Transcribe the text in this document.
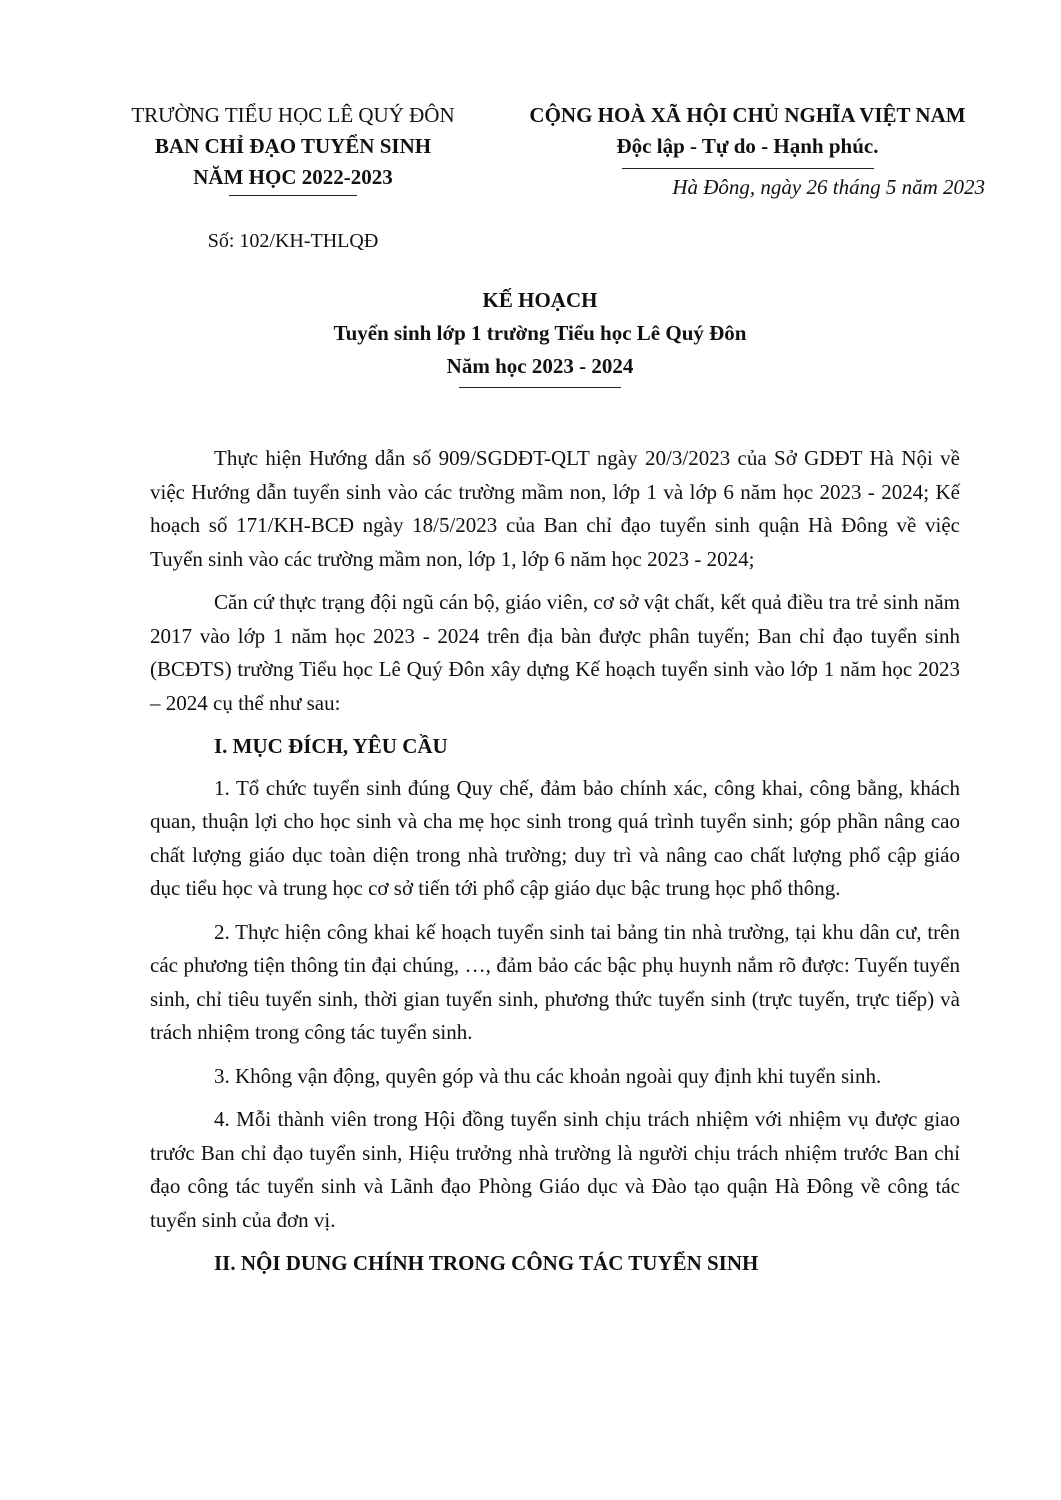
TRƯỜNG TIỂU HỌC LÊ QUÝ ĐÔN
BAN CHỈ ĐẠO TUYỂN SINH
NĂM HỌC 2022-2023
Số: 102/KH-THLQĐ
CỘNG HOÀ XÃ HỘI CHỦ NGHĨA VIỆT NAM
Độc lập - Tự do - Hạnh phúc.
Hà Đông, ngày 26 tháng 5 năm 2023
KẾ HOẠCH
Tuyển sinh lớp 1 trường Tiểu học Lê Quý Đôn
Năm học 2023 - 2024

Thực hiện Hướng dẫn số 909/SGDĐT-QLT ngày 20/3/2023 của Sở GDĐT Hà Nội về việc Hướng dẫn tuyển sinh vào các trường mầm non, lớp 1 và lớp 6 năm học 2023 - 2024; Kế hoạch số 171/KH-BCĐ ngày 18/5/2023 của Ban chỉ đạo tuyển sinh quận Hà Đông về việc Tuyển sinh vào các trường mầm non, lớp 1, lớp 6 năm học 2023 - 2024;

Căn cứ thực trạng đội ngũ cán bộ, giáo viên, cơ sở vật chất, kết quả điều tra trẻ sinh năm 2017 vào lớp 1 năm học 2023 - 2024 trên địa bàn được phân tuyến; Ban chỉ đạo tuyển sinh (BCĐTS) trường Tiểu học Lê Quý Đôn xây dựng Kế hoạch tuyển sinh vào lớp 1 năm học 2023 – 2024 cụ thể như sau:

I. MỤC ĐÍCH, YÊU CẦU

1. Tổ chức tuyển sinh đúng Quy chế, đảm bảo chính xác, công khai, công bằng, khách quan, thuận lợi cho học sinh và cha mẹ học sinh trong quá trình tuyển sinh; góp phần nâng cao chất lượng giáo dục toàn diện trong nhà trường; duy trì và nâng cao chất lượng phổ cập giáo dục tiểu học và trung học cơ sở tiến tới phổ cập giáo dục bậc trung học phổ thông.

2. Thực hiện công khai kế hoạch tuyển sinh tai bảng tin nhà trường, tại khu dân cư, trên các phương tiện thông tin đại chúng, …, đảm bảo các bậc phụ huynh nắm rõ được: Tuyến tuyển sinh, chỉ tiêu tuyển sinh, thời gian tuyển sinh, phương thức tuyển sinh (trực tuyến, trực tiếp) và trách nhiệm trong công tác tuyển sinh.

3. Không vận động, quyên góp và thu các khoản ngoài quy định khi tuyển sinh.

4. Mỗi thành viên trong Hội đồng tuyển sinh chịu trách nhiệm với nhiệm vụ được giao trước Ban chỉ đạo tuyển sinh, Hiệu trưởng nhà trường là người chịu trách nhiệm trước Ban chỉ đạo công tác tuyển sinh và Lãnh đạo Phòng Giáo dục và Đào tạo quận Hà Đông về công tác tuyển sinh của đơn vị.

II. NỘI DUNG CHÍNH TRONG CÔNG TÁC TUYỂN SINH
